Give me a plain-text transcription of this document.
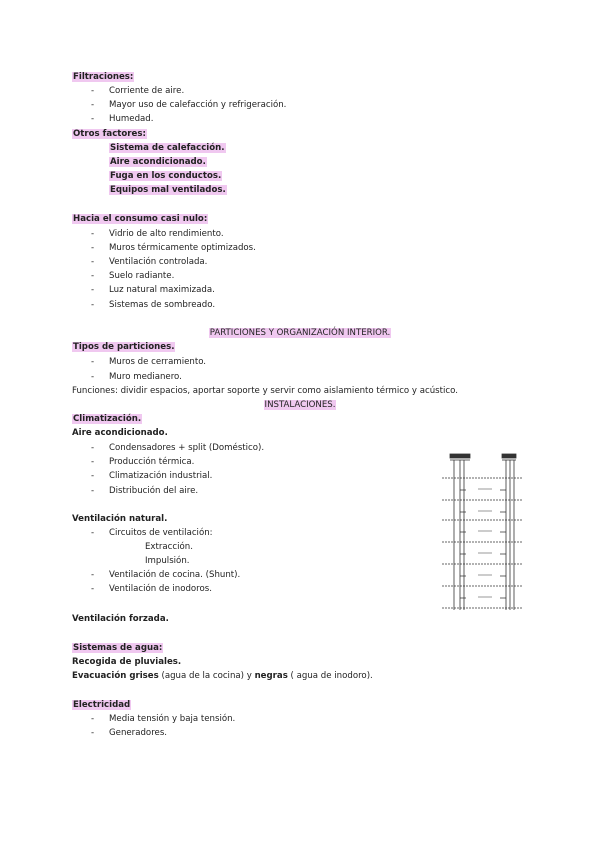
Filtraciones:
- Corriente de aire.
- Mayor uso de calefacción y refrigeración.
- Humedad.
Otros factores:
Sistema de calefacción.
Aire acondicionado.
Fuga en los conductos.
Equipos mal ventilados.
Hacia el consumo casi nulo:
- Vidrio de alto rendimiento.
- Muros térmicamente optimizados.
- Ventilación controlada.
- Suelo radiante.
- Luz natural maximizada.
- Sistemas de sombreado.
PARTICIONES Y ORGANIZACIÓN INTERIOR.
Tipos de particiones.
- Muros de cerramiento.
- Muro medianero.
Funciones: dividir espacios, aportar soporte y servir como aislamiento térmico y acústico.
INSTALACIONES.
Climatización.
Aire acondicionado.
- Condensadores + split (Doméstico).
- Producción térmica.
- Climatización industrial.
- Distribución del aire.
Ventilación natural.
- Circuitos de ventilación:
Extracción.
Impulsión.
- Ventilación de cocina. (Shunt).
- Ventilación de inodoros.
Ventilación forzada.
Sistemas de agua:
Recogida de pluviales.
Evacuación grises (agua de la cocina) y negras ( agua de inodoro).
Electricidad
- Media tensión y baja tensión.
- Generadores.
